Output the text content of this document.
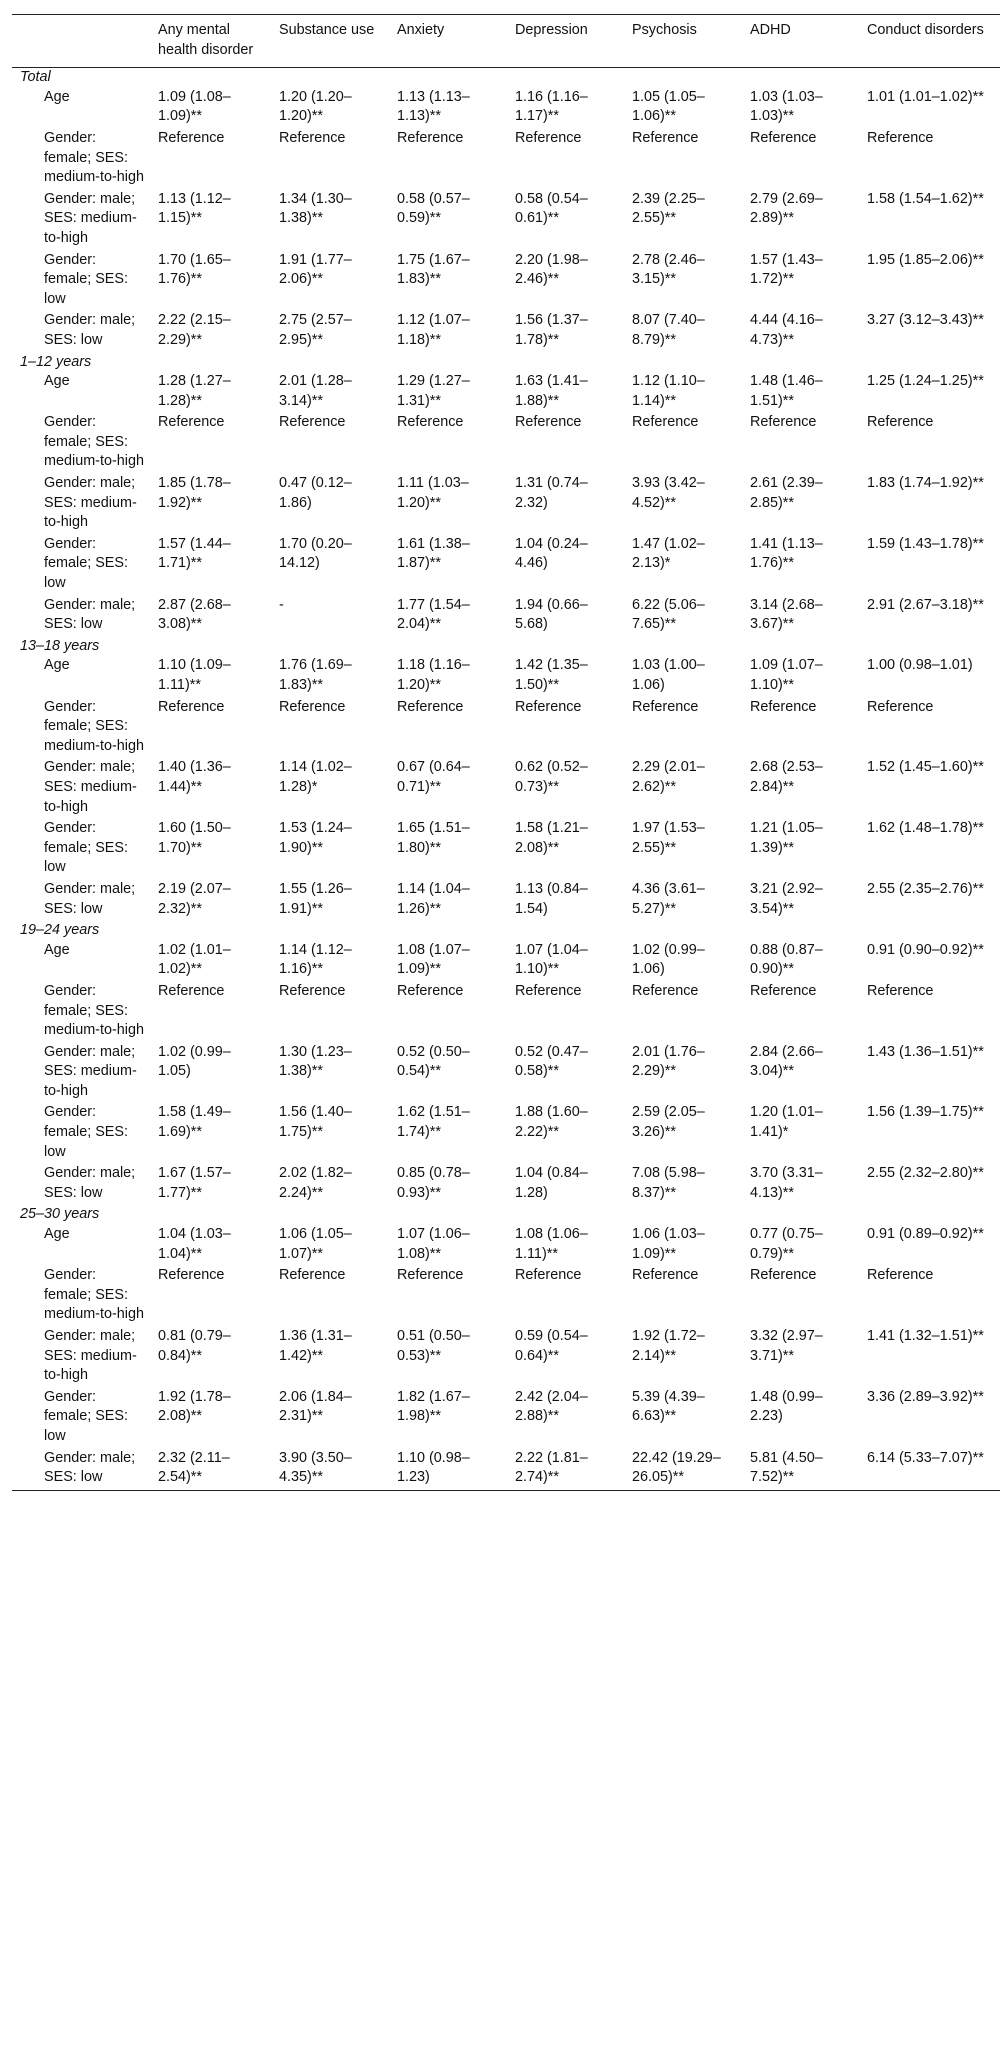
	Any mental health disorder	Substance use	Anxiety	Depression	Psychosis	ADHD	Conduct disorders
Total							
Age	1.09 (1.08–1.09)**	1.20 (1.20–1.20)**	1.13 (1.13–1.13)**	1.16 (1.16–1.17)**	1.05 (1.05–1.06)**	1.03 (1.03–1.03)**	1.01 (1.01–1.02)**
Gender: female; SES: medium-to-high	Reference	Reference	Reference	Reference	Reference	Reference	Reference
Gender: male; SES: medium-to-high	1.13 (1.12–1.15)**	1.34 (1.30–1.38)**	0.58 (0.57–0.59)**	0.58 (0.54–0.61)**	2.39 (2.25–2.55)**	2.79 (2.69–2.89)**	1.58 (1.54–1.62)**
Gender: female; SES: low	1.70 (1.65–1.76)**	1.91 (1.77–2.06)**	1.75 (1.67–1.83)**	2.20 (1.98–2.46)**	2.78 (2.46–3.15)**	1.57 (1.43–1.72)**	1.95 (1.85–2.06)**
Gender: male; SES: low	2.22 (2.15–2.29)**	2.75 (2.57–2.95)**	1.12 (1.07–1.18)**	1.56 (1.37–1.78)**	8.07 (7.40–8.79)**	4.44 (4.16–4.73)**	3.27 (3.12–3.43)**
1–12 years							
Age	1.28 (1.27–1.28)**	2.01 (1.28–3.14)**	1.29 (1.27–1.31)**	1.63 (1.41–1.88)**	1.12 (1.10–1.14)**	1.48 (1.46–1.51)**	1.25 (1.24–1.25)**
Gender: female; SES: medium-to-high	Reference	Reference	Reference	Reference	Reference	Reference	Reference
Gender: male; SES: medium-to-high	1.85 (1.78–1.92)**	0.47 (0.12–1.86)	1.11 (1.03–1.20)**	1.31 (0.74–2.32)	3.93 (3.42–4.52)**	2.61 (2.39–2.85)**	1.83 (1.74–1.92)**
Gender: female; SES: low	1.57 (1.44–1.71)**	1.70 (0.20–14.12)	1.61 (1.38–1.87)**	1.04 (0.24–4.46)	1.47 (1.02–2.13)*	1.41 (1.13–1.76)**	1.59 (1.43–1.78)**
Gender: male; SES: low	2.87 (2.68–3.08)**	-	1.77 (1.54–2.04)**	1.94 (0.66–5.68)	6.22 (5.06–7.65)**	3.14 (2.68–3.67)**	2.91 (2.67–3.18)**
13–18 years							
Age	1.10 (1.09–1.11)**	1.76 (1.69–1.83)**	1.18 (1.16–1.20)**	1.42 (1.35–1.50)**	1.03 (1.00–1.06)	1.09 (1.07–1.10)**	1.00 (0.98–1.01)
Gender: female; SES: medium-to-high	Reference	Reference	Reference	Reference	Reference	Reference	Reference
Gender: male; SES: medium-to-high	1.40 (1.36–1.44)**	1.14 (1.02–1.28)*	0.67 (0.64–0.71)**	0.62 (0.52–0.73)**	2.29 (2.01–2.62)**	2.68 (2.53–2.84)**	1.52 (1.45–1.60)**
Gender: female; SES: low	1.60 (1.50–1.70)**	1.53 (1.24–1.90)**	1.65 (1.51–1.80)**	1.58 (1.21–2.08)**	1.97 (1.53–2.55)**	1.21 (1.05–1.39)**	1.62 (1.48–1.78)**
Gender: male; SES: low	2.19 (2.07–2.32)**	1.55 (1.26–1.91)**	1.14 (1.04–1.26)**	1.13 (0.84–1.54)	4.36 (3.61–5.27)**	3.21 (2.92–3.54)**	2.55 (2.35–2.76)**
19–24 years							
Age	1.02 (1.01–1.02)**	1.14 (1.12–1.16)**	1.08 (1.07–1.09)**	1.07 (1.04–1.10)**	1.02 (0.99–1.06)	0.88 (0.87–0.90)**	0.91 (0.90–0.92)**
Gender: female; SES: medium-to-high	Reference	Reference	Reference	Reference	Reference	Reference	Reference
Gender: male; SES: medium-to-high	1.02 (0.99–1.05)	1.30 (1.23–1.38)**	0.52 (0.50–0.54)**	0.52 (0.47–0.58)**	2.01 (1.76–2.29)**	2.84 (2.66–3.04)**	1.43 (1.36–1.51)**
Gender: female; SES: low	1.58 (1.49–1.69)**	1.56 (1.40–1.75)**	1.62 (1.51–1.74)**	1.88 (1.60–2.22)**	2.59 (2.05–3.26)**	1.20 (1.01–1.41)*	1.56 (1.39–1.75)**
Gender: male; SES: low	1.67 (1.57–1.77)**	2.02 (1.82–2.24)**	0.85 (0.78–0.93)**	1.04 (0.84–1.28)	7.08 (5.98–8.37)**	3.70 (3.31–4.13)**	2.55 (2.32–2.80)**
25–30 years							
Age	1.04 (1.03–1.04)**	1.06 (1.05–1.07)**	1.07 (1.06–1.08)**	1.08 (1.06–1.11)**	1.06 (1.03–1.09)**	0.77 (0.75–0.79)**	0.91 (0.89–0.92)**
Gender: female; SES: medium-to-high	Reference	Reference	Reference	Reference	Reference	Reference	Reference
Gender: male; SES: medium-to-high	0.81 (0.79–0.84)**	1.36 (1.31–1.42)**	0.51 (0.50–0.53)**	0.59 (0.54–0.64)**	1.92 (1.72–2.14)**	3.32 (2.97–3.71)**	1.41 (1.32–1.51)**
Gender: female; SES: low	1.92 (1.78–2.08)**	2.06 (1.84–2.31)**	1.82 (1.67–1.98)**	2.42 (2.04–2.88)**	5.39 (4.39–6.63)**	1.48 (0.99–2.23)	3.36 (2.89–3.92)**
Gender: male; SES: low	2.32 (2.11–2.54)**	3.90 (3.50–4.35)**	1.10 (0.98–1.23)	2.22 (1.81–2.74)**	22.42 (19.29–26.05)**	5.81 (4.50–7.52)**	6.14 (5.33–7.07)**
